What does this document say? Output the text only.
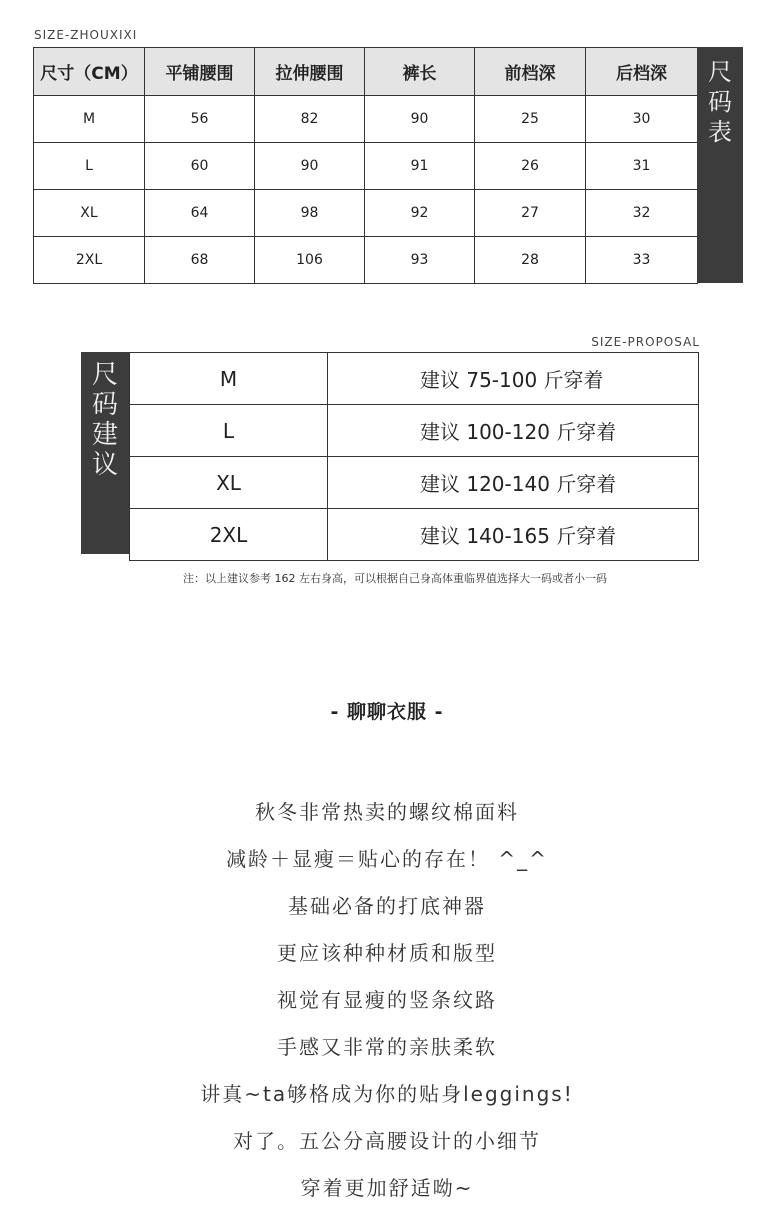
SIZE-ZHOUXIXI
尺寸（CM）	平铺腰围	拉伸腰围	裤长	前档深	后档深
M	56	82	90	25	30
L	60	90	91	26	31
XL	64	98	92	27	32
2XL	68	106	93	28	33
尺
码
表
SIZE-PROPOSAL
尺
码
建
议
M	建议 75-100 斤穿着
L	建议 100-120 斤穿着
XL	建议 120-140 斤穿着
2XL	建议 140-165 斤穿着
注：以上建议参考 162 左右身高，可以根据自己身高体重临界值选择大一码或者小一码
- 聊聊衣服 -
秋冬非常热卖的螺纹棉面料
减龄＋显瘦＝贴心的存在！ ^_^
基础必备的打底神器
更应该种种材质和版型
视觉有显瘦的竖条纹路
手感又非常的亲肤柔软
讲真~ta够格成为你的贴身leggings!
对了。五公分高腰设计的小细节
穿着更加舒适呦~
